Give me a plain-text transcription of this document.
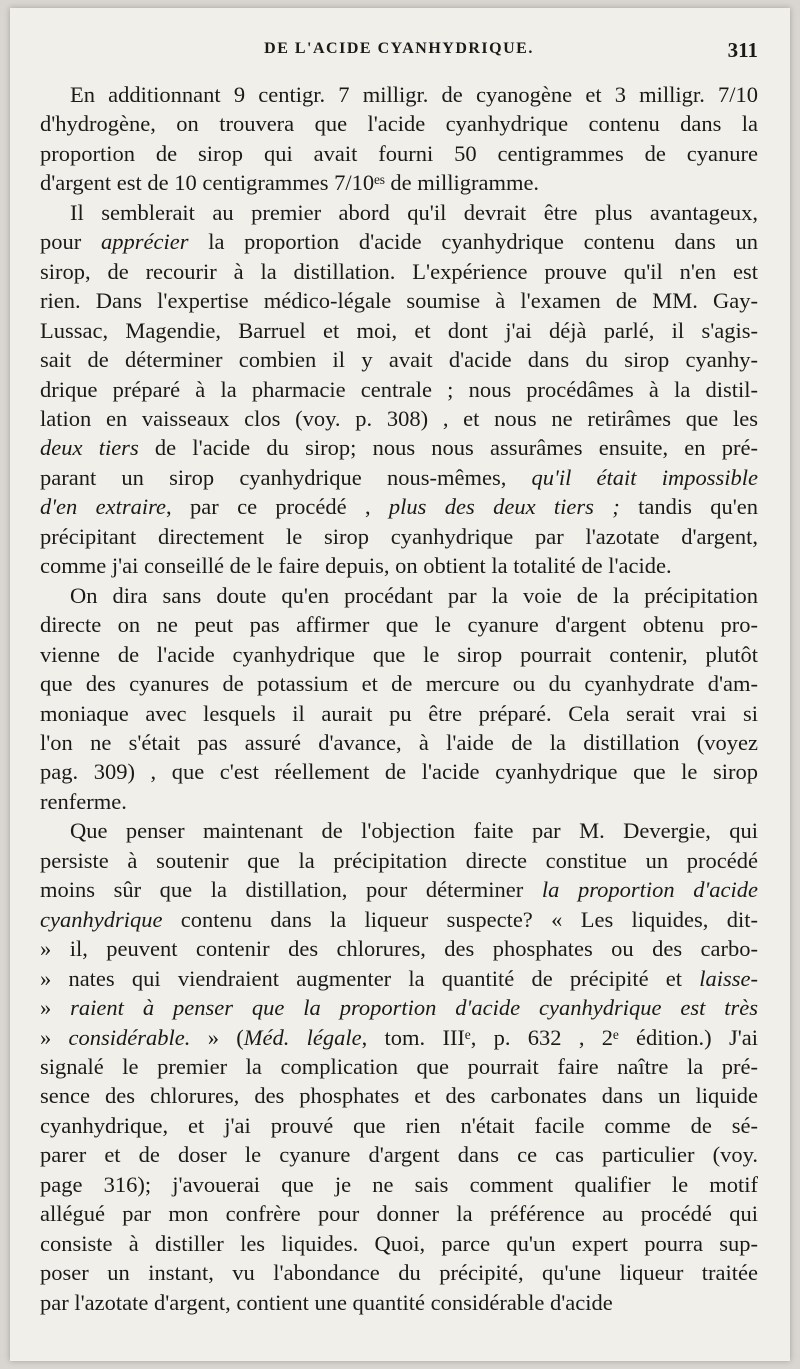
DE L'ACIDE CYANHYDRIQUE.	311
En additionnant 9 centigr. 7 milligr. de cyanogène et 3 milligr. 7/10
d'hydrogène, on trouvera que l'acide cyanhydrique contenu dans la
proportion de sirop qui avait fourni 50 centigrammes de cyanure
d'argent est de 10 centigrammes 7/10ᵉˢ de milligramme.
Il semblerait au premier abord qu'il devrait être plus avantageux,
pour apprécier la proportion d'acide cyanhydrique contenu dans un
sirop, de recourir à la distillation. L'expérience prouve qu'il n'en est
rien. Dans l'expertise médico-légale soumise à l'examen de MM. Gay-
Lussac, Magendie, Barruel et moi, et dont j'ai déjà parlé, il s'agis-
sait de déterminer combien il y avait d'acide dans du sirop cyanhy-
drique préparé à la pharmacie centrale ; nous procédâmes à la distil-
lation en vaisseaux clos (voy. p. 308) , et nous ne retirâmes que les
deux tiers de l'acide du sirop; nous nous assurâmes ensuite, en pré-
parant un sirop cyanhydrique nous-mêmes, qu'il était impossible
d'en extraire, par ce procédé , plus des deux tiers ; tandis qu'en
précipitant directement le sirop cyanhydrique par l'azotate d'argent,
comme j'ai conseillé de le faire depuis, on obtient la totalité de l'acide.
On dira sans doute qu'en procédant par la voie de la précipitation
directe on ne peut pas affirmer que le cyanure d'argent obtenu pro-
vienne de l'acide cyanhydrique que le sirop pourrait contenir, plutôt
que des cyanures de potassium et de mercure ou du cyanhydrate d'am-
moniaque avec lesquels il aurait pu être préparé. Cela serait vrai si
l'on ne s'était pas assuré d'avance, à l'aide de la distillation (voyez
pag. 309) , que c'est réellement de l'acide cyanhydrique que le sirop
renferme.
Que penser maintenant de l'objection faite par M. Devergie, qui
persiste à soutenir que la précipitation directe constitue un procédé
moins sûr que la distillation, pour déterminer la proportion d'acide
cyanhydrique contenu dans la liqueur suspecte? « Les liquides, dit-
» il, peuvent contenir des chlorures, des phosphates ou des carbo-
» nates qui viendraient augmenter la quantité de précipité et laisse-
» raient à penser que la proportion d'acide cyanhydrique est très
» considérable. » (Méd. légale, tom. IIIᵉ, p. 632 , 2ᵉ édition.) J'ai
signalé le premier la complication que pourrait faire naître la pré-
sence des chlorures, des phosphates et des carbonates dans un liquide
cyanhydrique, et j'ai prouvé que rien n'était facile comme de sé-
parer et de doser le cyanure d'argent dans ce cas particulier (voy.
page 316); j'avouerai que je ne sais comment qualifier le motif
allégué par mon confrère pour donner la préférence au procédé qui
consiste à distiller les liquides. Quoi, parce qu'un expert pourra sup-
poser un instant, vu l'abondance du précipité, qu'une liqueur traitée
par l'azotate d'argent, contient une quantité considérable d'acide
